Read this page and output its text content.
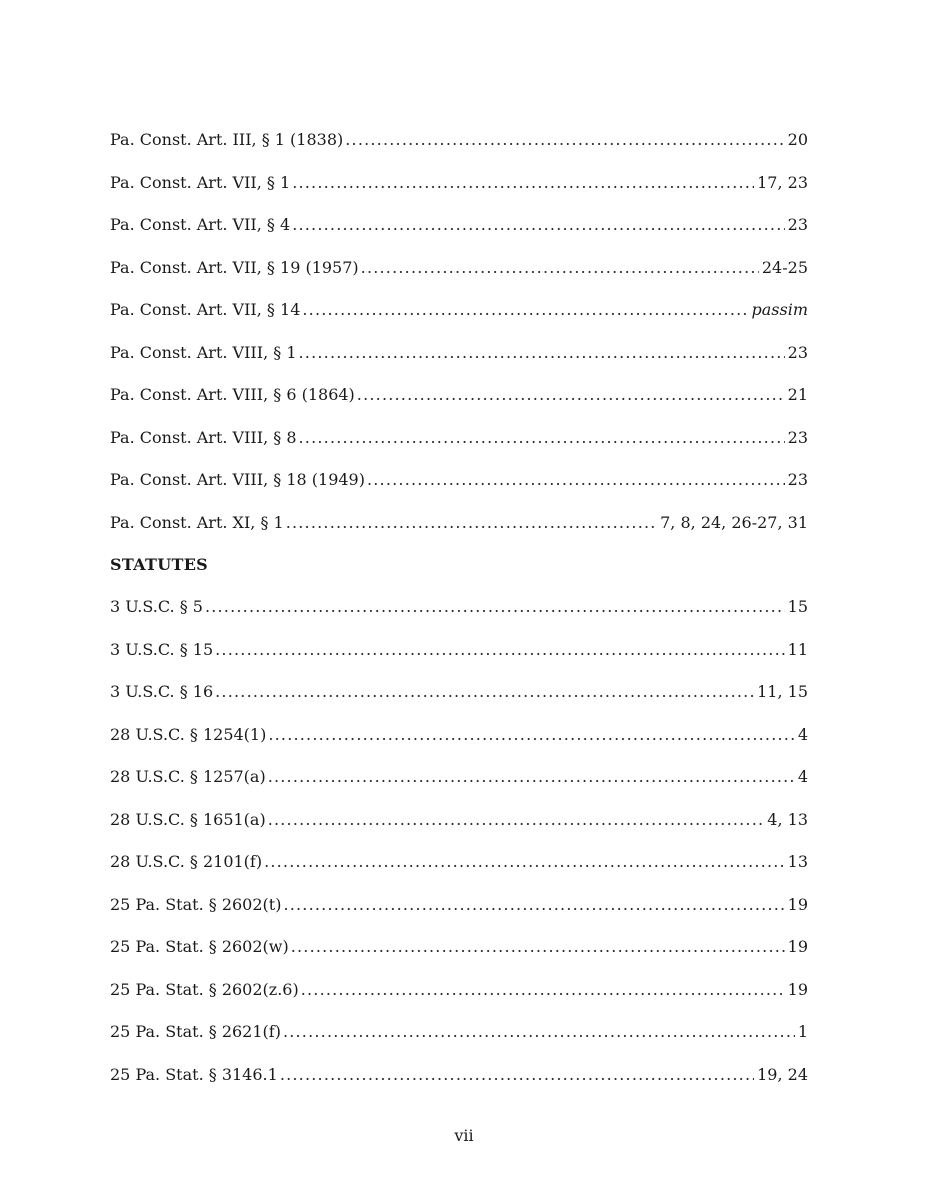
Pa. Const. Art. III, § 1 (1838) .....	20
Pa. Const. Art. VII, § 1 .....	17, 23
Pa. Const. Art. VII, § 4 .....	23
Pa. Const. Art. VII, § 19 (1957) .....	24-25
Pa. Const. Art. VII, § 14 .....	passim
Pa. Const. Art. VIII, § 1 .....	23
Pa. Const. Art. VIII, § 6 (1864) .....	21
Pa. Const. Art. VIII, § 8 .....	23
Pa. Const. Art. VIII, § 18 (1949) .....	23
Pa. Const. Art. XI, § 1 .....	7, 8, 24, 26-27, 31
STATUTES
3 U.S.C. § 5 .....	15
3 U.S.C. § 15 .....	11
3 U.S.C. § 16 .....	11, 15
28 U.S.C. § 1254(1) .....	4
28 U.S.C. § 1257(a) .....	4
28 U.S.C. § 1651(a) .....	4, 13
28 U.S.C. § 2101(f) .....	13
25 Pa. Stat. § 2602(t) .....	19
25 Pa. Stat. § 2602(w) .....	19
25 Pa. Stat. § 2602(z.6) .....	19
25 Pa. Stat. § 2621(f) .....	1
25 Pa. Stat. § 3146.1 .....	19, 24
vii
